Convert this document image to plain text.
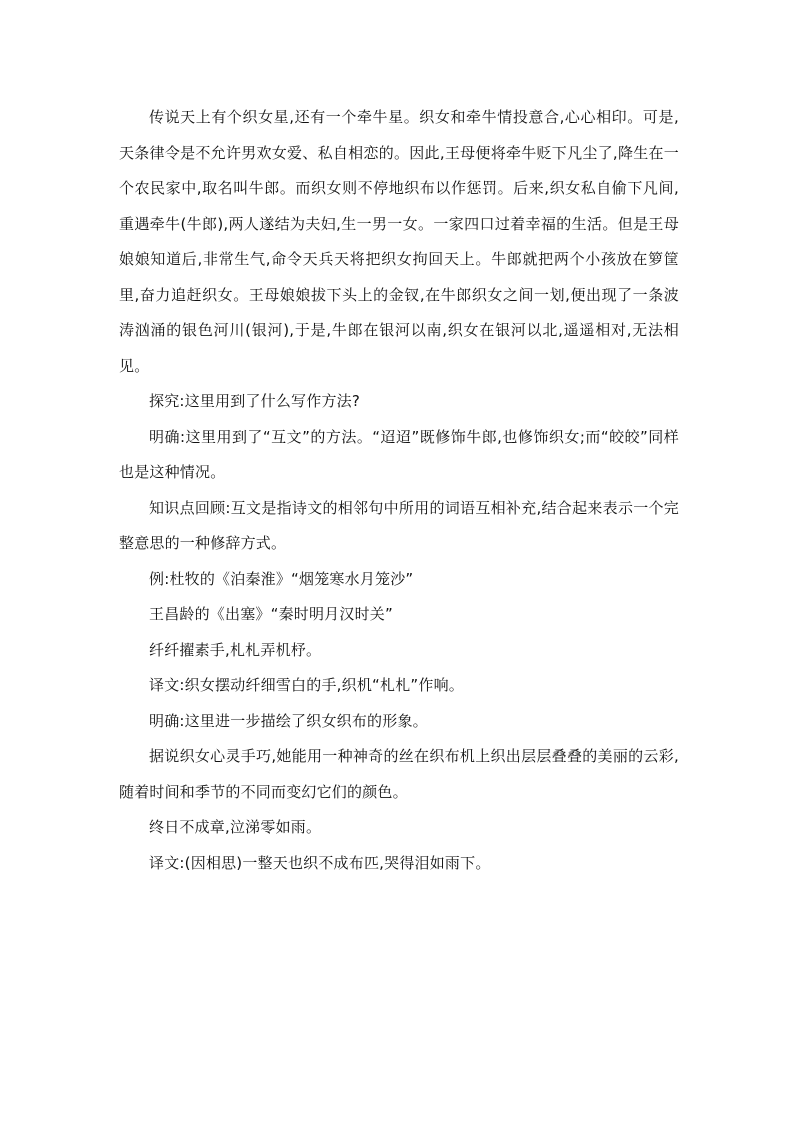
传说天上有个织女星,还有一个牵牛星。织女和牵牛情投意合,心心相印。可是,天条律令是不允许男欢女爱、私自相恋的。因此,王母便将牵牛贬下凡尘了,降生在一个农民家中,取名叫牛郎。而织女则不停地织布以作惩罚。后来,织女私自偷下凡间,重遇牵牛(牛郎),两人遂结为夫妇,生一男一女。一家四口过着幸福的生活。但是王母娘娘知道后,非常生气,命令天兵天将把织女拘回天上。牛郎就把两个小孩放在箩筐里,奋力追赶织女。王母娘娘拔下头上的金钗,在牛郎织女之间一划,便出现了一条波涛汹涌的银色河川(银河),于是,牛郎在银河以南,织女在银河以北,遥遥相对,无法相见。

探究:这里用到了什么写作方法?

明确:这里用到了“互文”的方法。“迢迢”既修饰牛郎,也修饰织女;而“皎皎”同样也是这种情况。

知识点回顾:互文是指诗文的相邻句中所用的词语互相补充,结合起来表示一个完整意思的一种修辞方式。

例:杜牧的《泊秦淮》“烟笼寒水月笼沙”

王昌龄的《出塞》“秦时明月汉时关”

纤纤擢素手,札札弄机杼。

译文:织女摆动纤细雪白的手,织机“札札”作响。

明确:这里进一步描绘了织女织布的形象。

据说织女心灵手巧,她能用一种神奇的丝在织布机上织出层层叠叠的美丽的云彩,随着时间和季节的不同而变幻它们的颜色。

终日不成章,泣涕零如雨。

译文:(因相思)一整天也织不成布匹,哭得泪如雨下。
